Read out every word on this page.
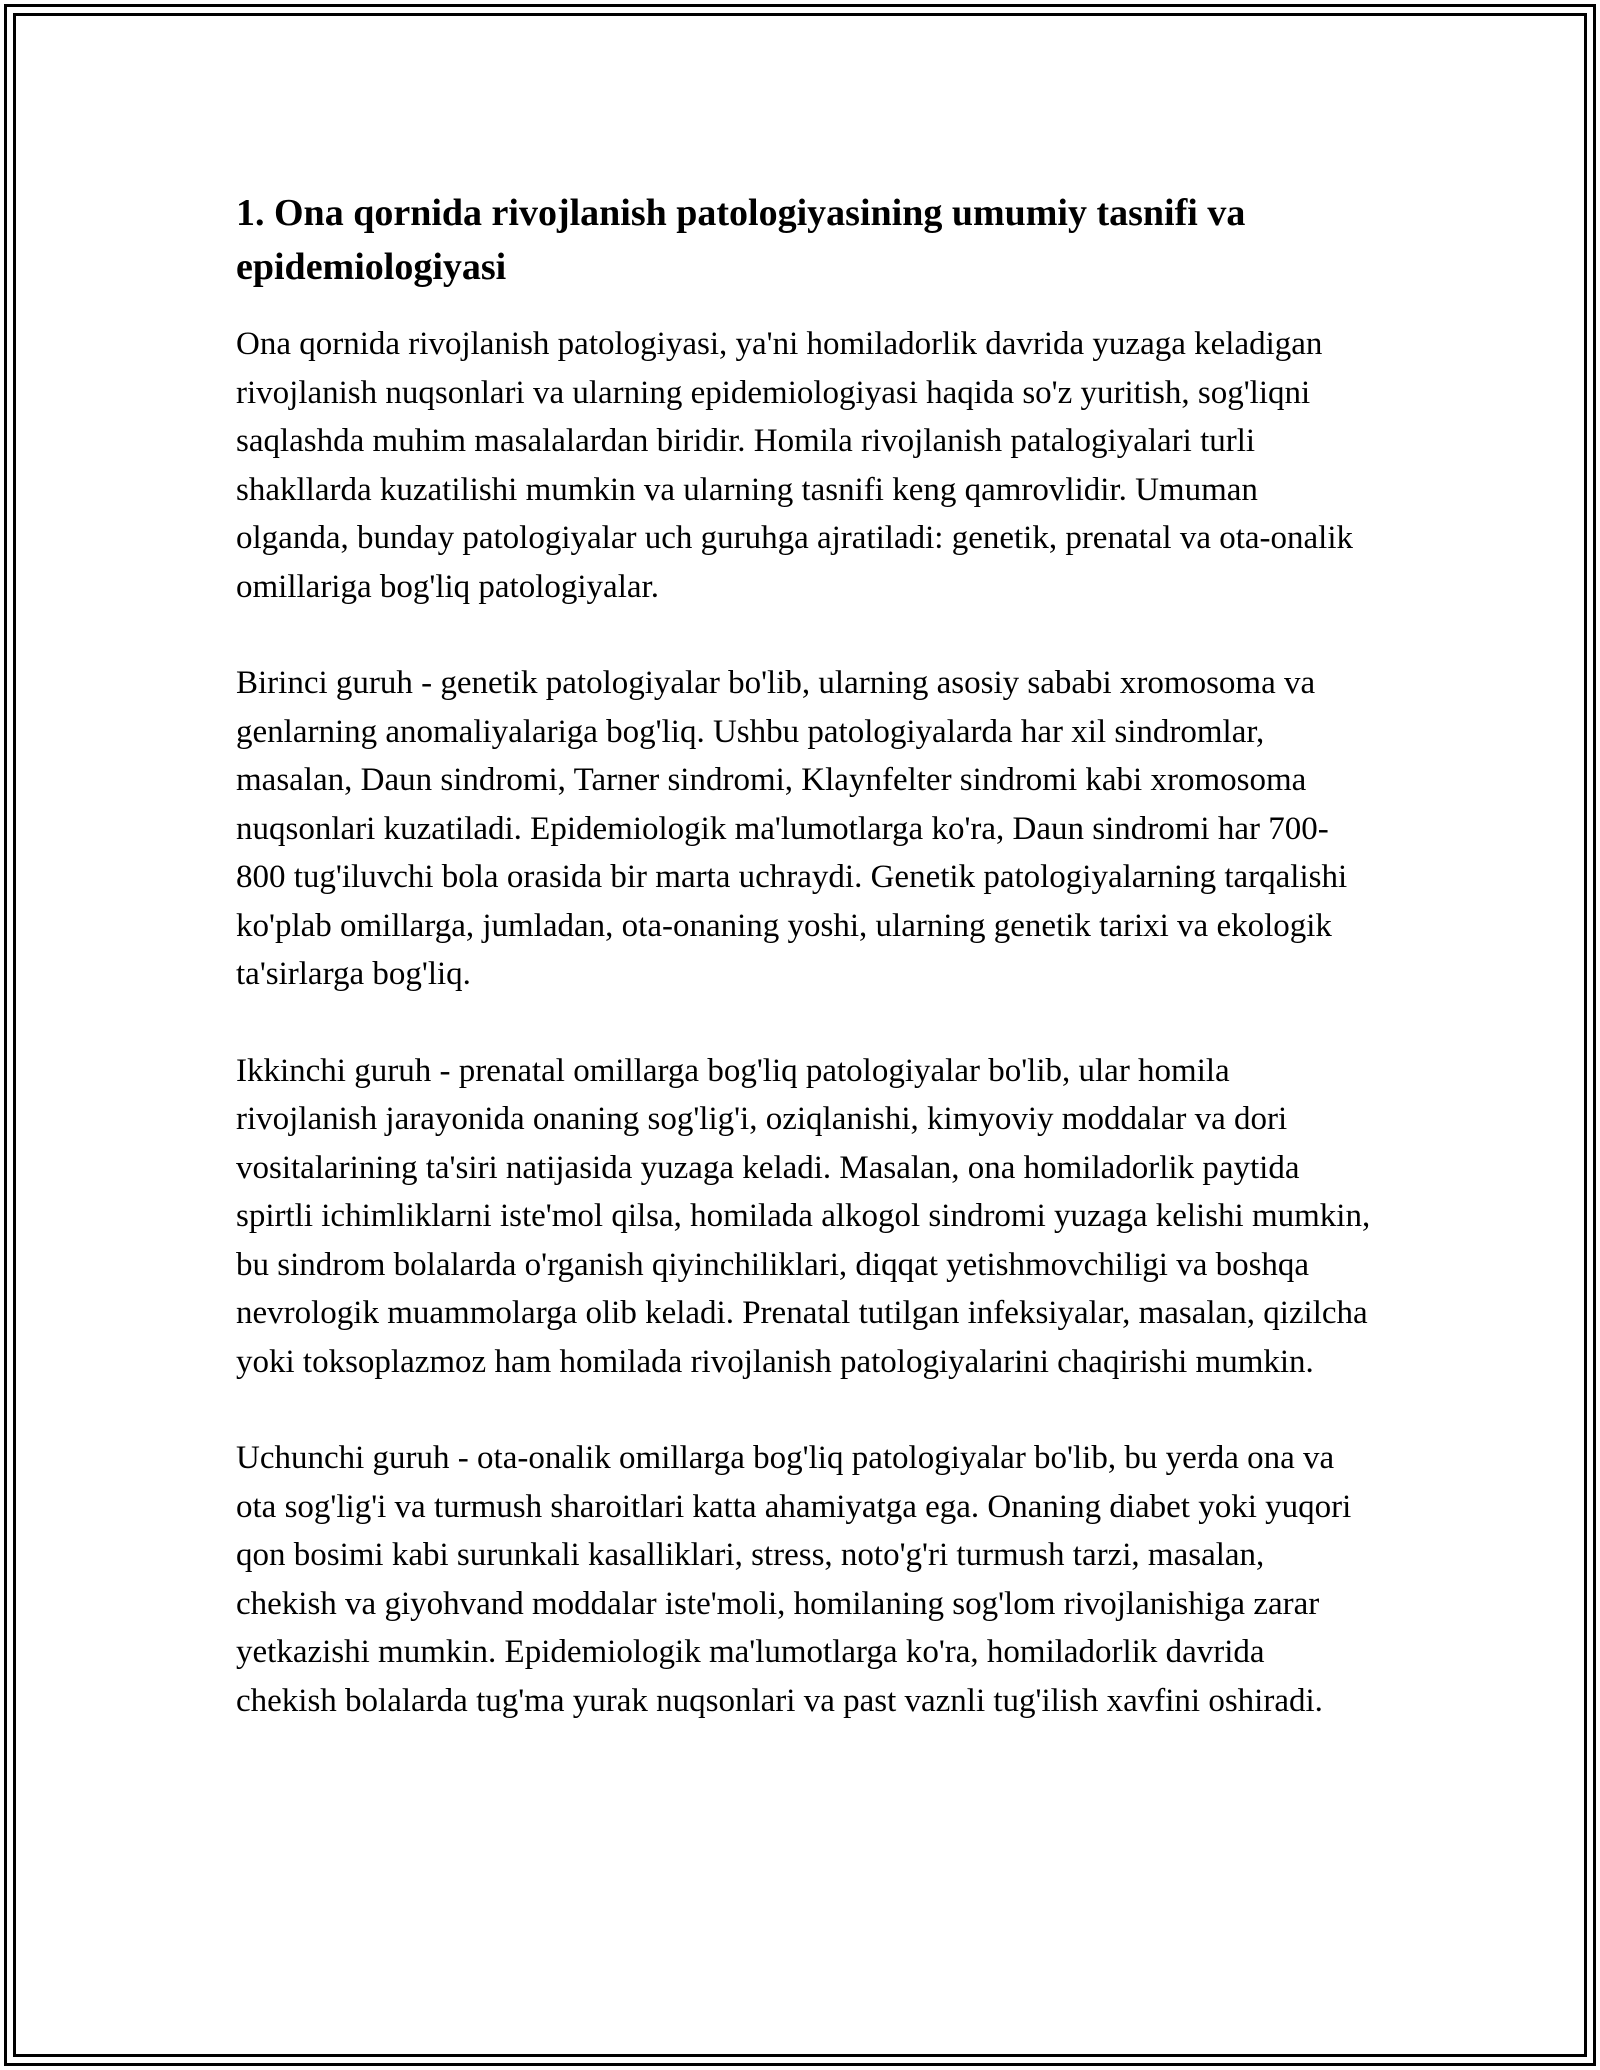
1. Ona qornida rivojlanish patologiyasining umumiy tasnifi va epidemiologiyasi

Ona qornida rivojlanish patologiyasi, ya'ni homiladorlik davrida yuzaga keladigan rivojlanish nuqsonlari va ularning epidemiologiyasi haqida so'z yuritish, sog'liqni saqlashda muhim masalalardan biridir. Homila rivojlanish patalogiyalari turli shakllarda kuzatilishi mumkin va ularning tasnifi keng qamrovlidir. Umuman olganda, bunday patologiyalar uch guruhga ajratiladi: genetik, prenatal va ota-onalik omillariga bog'liq patologiyalar.

Birinci guruh - genetik patologiyalar bo'lib, ularning asosiy sababi xromosoma va genlarning anomaliyalariga bog'liq. Ushbu patologiyalarda har xil sindromlar, masalan, Daun sindromi, Tarner sindromi, Klaynfelter sindromi kabi xromosoma nuqsonlari kuzatiladi. Epidemiologik ma'lumotlarga ko'ra, Daun sindromi har 700-800 tug'iluvchi bola orasida bir marta uchraydi. Genetik patologiyalarning tarqalishi ko'plab omillarga, jumladan, ota-onaning yoshi, ularning genetik tarixi va ekologik ta'sirlarga bog'liq.

Ikkinchi guruh - prenatal omillarga bog'liq patologiyalar bo'lib, ular homila rivojlanish jarayonida onaning sog'lig'i, oziqlanishi, kimyoviy moddalar va dori vositalarining ta'siri natijasida yuzaga keladi. Masalan, ona homiladorlik paytida spirtli ichimliklarni iste'mol qilsa, homilada alkogol sindromi yuzaga kelishi mumkin, bu sindrom bolalarda o'rganish qiyinchiliklari, diqqat yetishmovchiligi va boshqa nevrologik muammolarga olib keladi. Prenatal tutilgan infeksiyalar, masalan, qizilcha yoki toksoplazmoz ham homilada rivojlanish patologiyalarini chaqirishi mumkin.

Uchunchi guruh - ota-onalik omillarga bog'liq patologiyalar bo'lib, bu yerda ona va ota sog'lig'i va turmush sharoitlari katta ahamiyatga ega. Onaning diabet yoki yuqori qon bosimi kabi surunkali kasalliklari, stress, noto'g'ri turmush tarzi, masalan, chekish va giyohvand moddalar iste'moli, homilaning sog'lom rivojlanishiga zarar yetkazishi mumkin. Epidemiologik ma'lumotlarga ko'ra, homiladorlik davrida chekish bolalarda tug'ma yurak nuqsonlari va past vaznli tug'ilish xavfini oshiradi.
